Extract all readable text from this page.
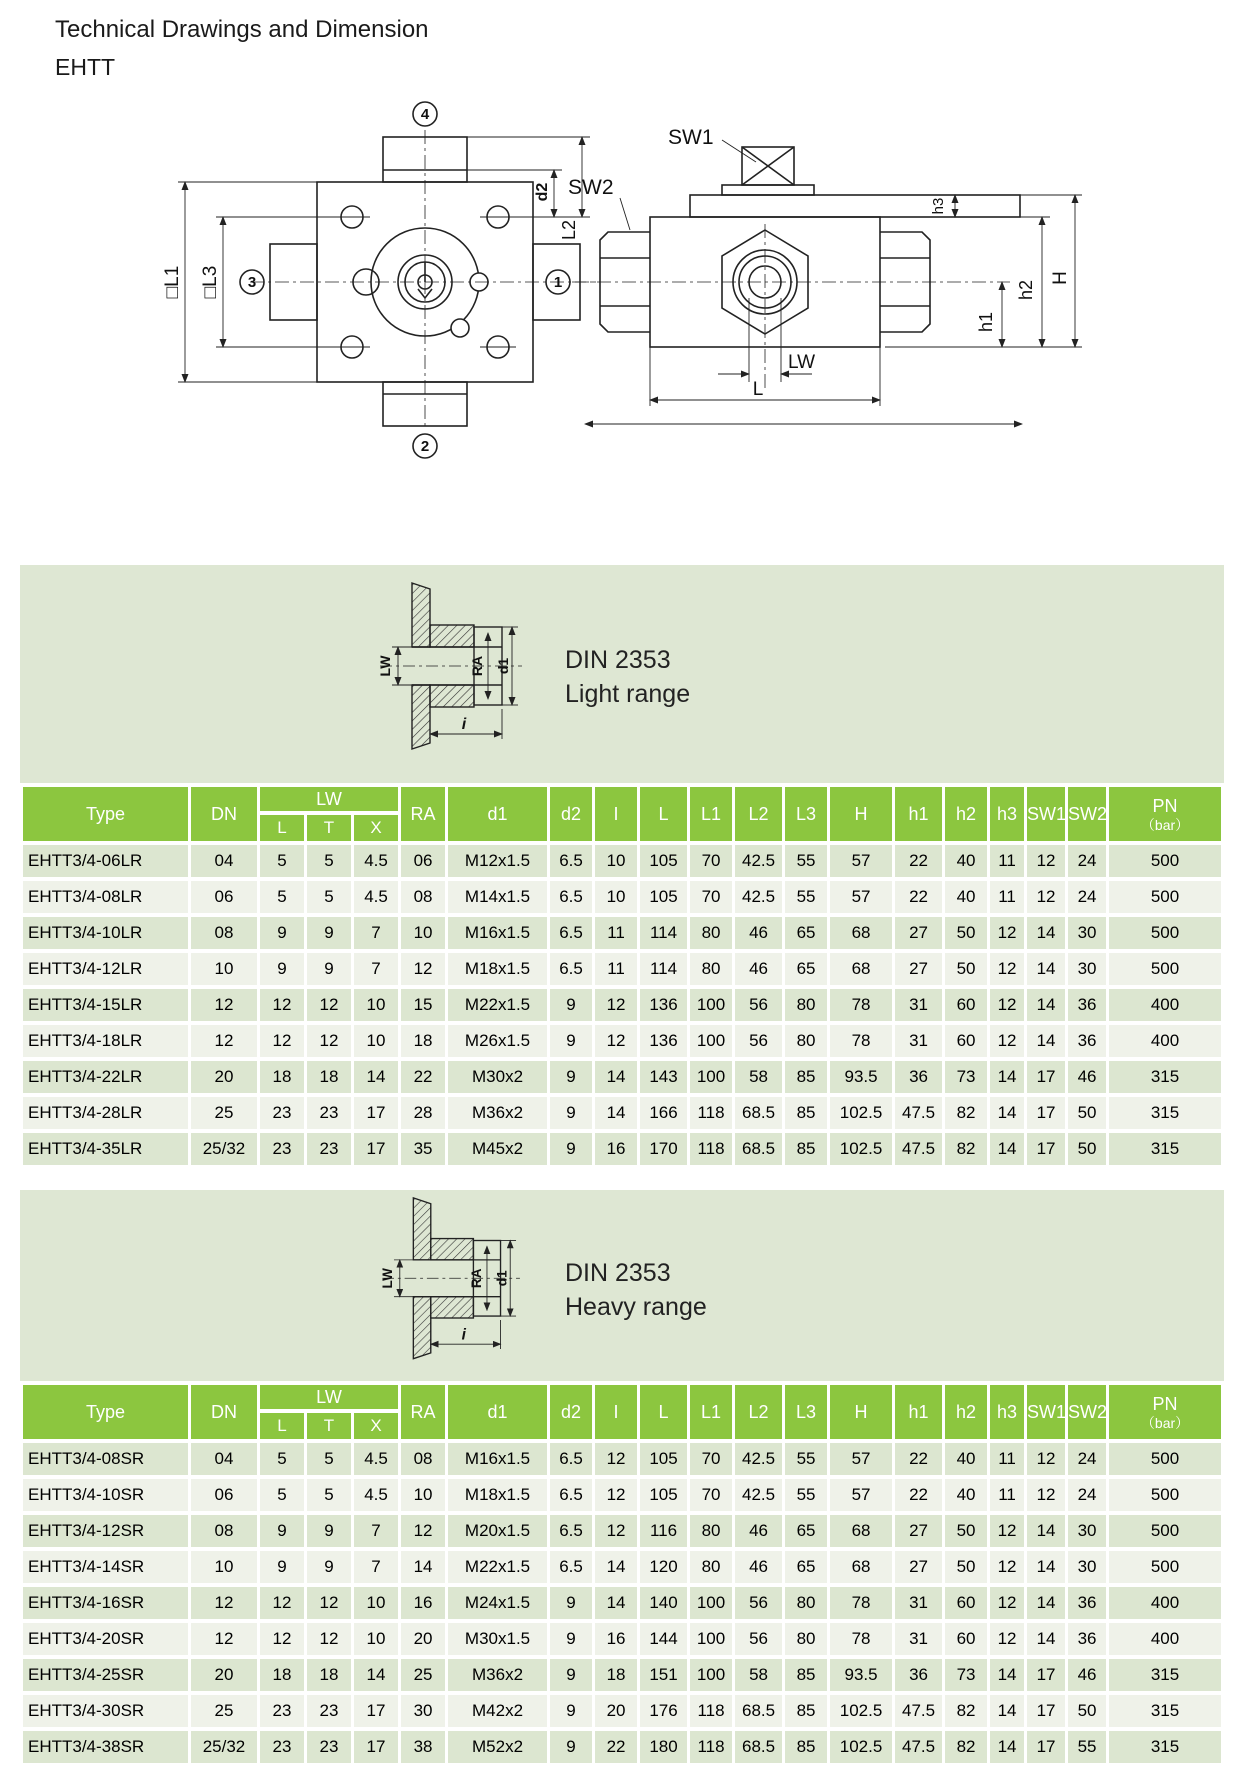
Technical Drawings and Dimension
EHTT
□L1 □L3
d2
L2
4
2
3	1
SW1
SW2
h3
h1
h2
H
LW
L
LW	RA d1
i
DIN 2353
Light range
Type	DN	LW			RA	d1	d2	I	L	L1	L2	L3	H	h1	h2	h3	SW1	SW2	PN
（bar）

		L	T	X															
EHTT3/4-06LR	04	5	5	4.5	06	M12x1.5	6.5	10	105	70	42.5	55	57	22	40	11	12	24	500
EHTT3/4-08LR	06	5	5	4.5	08	M14x1.5	6.5	10	105	70	42.5	55	57	22	40	11	12	24	500
EHTT3/4-10LR	08	9	9	7	10	M16x1.5	6.5	11	114	80	46	65	68	27	50	12	14	30	500
EHTT3/4-12LR	10	9	9	7	12	M18x1.5	6.5	11	114	80	46	65	68	27	50	12	14	30	500
EHTT3/4-15LR	12	12	12	10	15	M22x1.5	9	12	136	100	56	80	78	31	60	12	14	36	400
EHTT3/4-18LR	12	12	12	10	18	M26x1.5	9	12	136	100	56	80	78	31	60	12	14	36	400
EHTT3/4-22LR	20	18	18	14	22	M30x2	9	14	143	100	58	85	93.5	36	73	14	17	46	315
EHTT3/4-28LR	25	23	23	17	28	M36x2	9	14	166	118	68.5	85	102.5	47.5	82	14	17	50	315
EHTT3/4-35LR	25/32	23	23	17	35	M45x2	9	16	170	118	68.5	85	102.5	47.5	82	14	17	50	315
LW	RA d1
i
DIN 2353
Heavy range
Type	DN	LW			RA	d1	d2	I	L	L1	L2	L3	H	h1	h2	h3	SW1	SW2	PN
（bar）

		L	T	X															
EHTT3/4-08SR	04	5	5	4.5	08	M16x1.5	6.5	12	105	70	42.5	55	57	22	40	11	12	24	500
EHTT3/4-10SR	06	5	5	4.5	10	M18x1.5	6.5	12	105	70	42.5	55	57	22	40	11	12	24	500
EHTT3/4-12SR	08	9	9	7	12	M20x1.5	6.5	12	116	80	46	65	68	27	50	12	14	30	500
EHTT3/4-14SR	10	9	9	7	14	M22x1.5	6.5	14	120	80	46	65	68	27	50	12	14	30	500
EHTT3/4-16SR	12	12	12	10	16	M24x1.5	9	14	140	100	56	80	78	31	60	12	14	36	400
EHTT3/4-20SR	12	12	12	10	20	M30x1.5	9	16	144	100	56	80	78	31	60	12	14	36	400
EHTT3/4-25SR	20	18	18	14	25	M36x2	9	18	151	100	58	85	93.5	36	73	14	17	46	315
EHTT3/4-30SR	25	23	23	17	30	M42x2	9	20	176	118	68.5	85	102.5	47.5	82	14	17	50	315
EHTT3/4-38SR	25/32	23	23	17	38	M52x2	9	22	180	118	68.5	85	102.5	47.5	82	14	17	55	315
